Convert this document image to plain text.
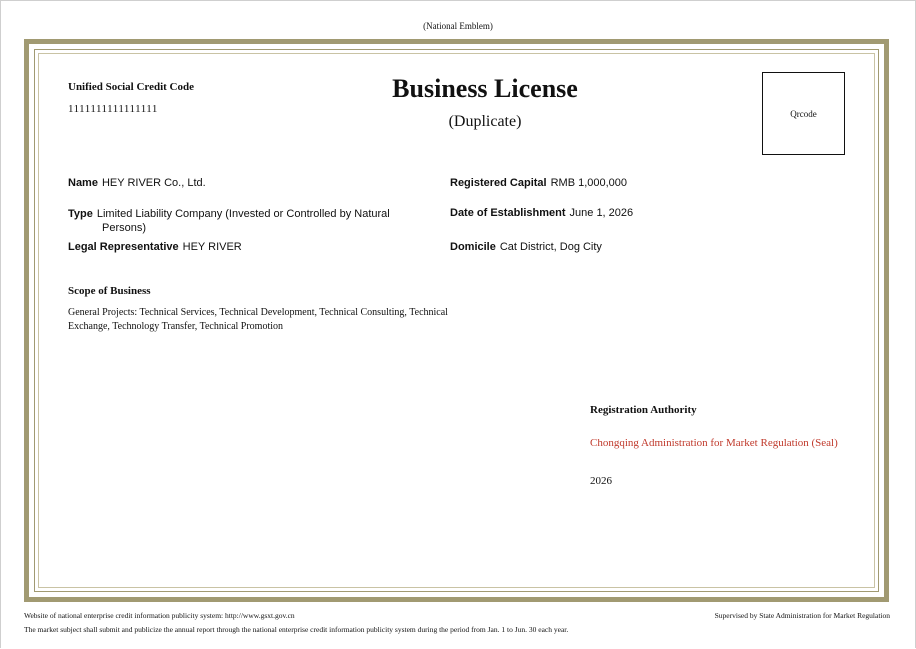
(National Emblem)
Unified Social Credit Code
1111111111111111
Business License
(Duplicate)	Qrcode
Name HEY RIVER Co., Ltd.
Type Limited Liability Company (Invested or Controlled by Natural
Persons)
Legal Representative HEY RIVER
Registered Capital RMB 1,000,000
Date of Establishment June 1, 2026
Domicile Cat District, Dog City
Scope of Business
General Projects: Technical Services, Technical Development, Technical Consulting, Technical
Exchange, Technology Transfer, Technical Promotion
Registration Authority
Chongqing Administration for Market Regulation (Seal)
2026
Website of national enterprise credit information publicity system: http://www.gsxt.gov.cn
The market subject shall submit and publicize the annual report through the national enterprise credit information publicity system during the period from Jan. 1 to Jun. 30 each year.
Supervised by State Administration for Market Regulation
